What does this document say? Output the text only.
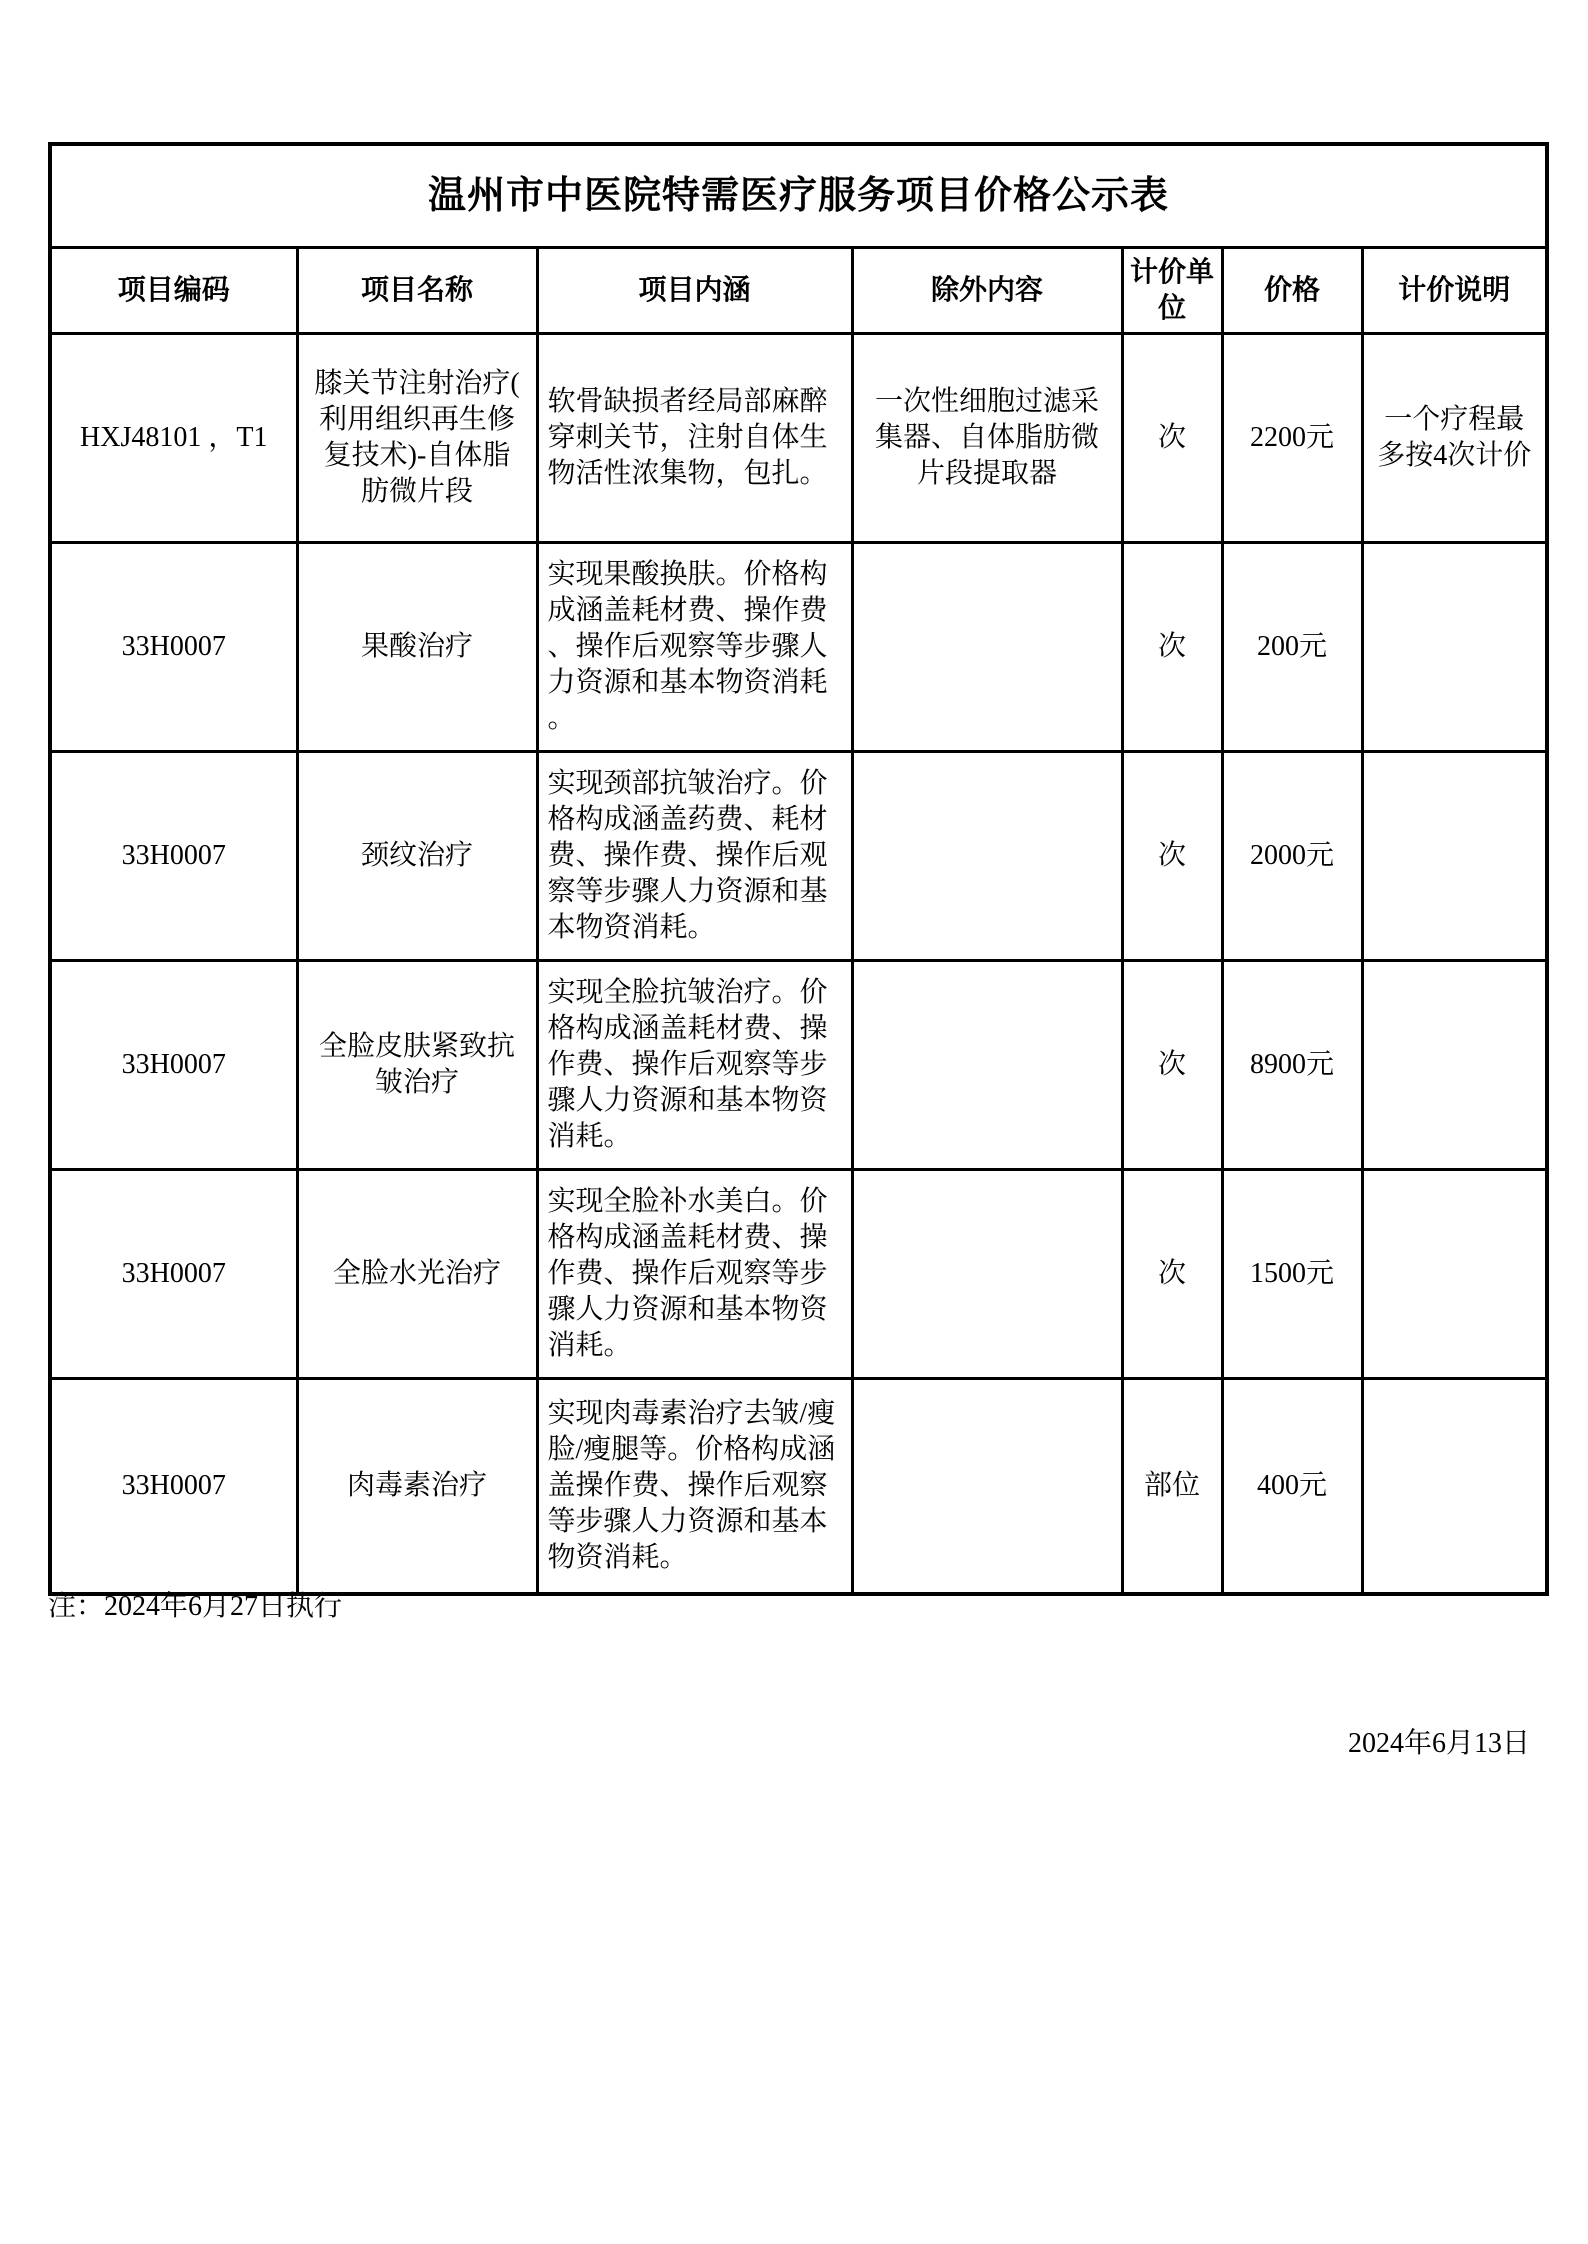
温州市中医院特需医疗服务项目价格公示表						
项目编码	项目名称	项目内涵	除外内容	计价单位	价格	计价说明
HXJ48101 ，T1	膝关节注射治疗(利用组织再生修复技术)-自体脂肪微片段	软骨缺损者经局部麻醉穿刺关节，注射自体生物活性浓集物，包扎。	一次性细胞过滤采集器、自体脂肪微片段提取器	次	2200元	一个疗程最多按4次计价
33H0007	果酸治疗	实现果酸换肤。价格构成涵盖耗材费、操作费、操作后观察等步骤人力资源和基本物资消耗。		次	200元	
33H0007	颈纹治疗	实现颈部抗皱治疗。价格构成涵盖药费、耗材费、操作费、操作后观察等步骤人力资源和基本物资消耗。		次	2000元	
33H0007	全脸皮肤紧致抗皱治疗	实现全脸抗皱治疗。价格构成涵盖耗材费、操作费、操作后观察等步骤人力资源和基本物资消耗。		次	8900元	
33H0007	全脸水光治疗	实现全脸补水美白。价格构成涵盖耗材费、操作费、操作后观察等步骤人力资源和基本物资消耗。		次	1500元	
33H0007	肉毒素治疗	实现肉毒素治疗去皱/瘦脸/瘦腿等。价格构成涵盖操作费、操作后观察等步骤人力资源和基本物资消耗。		部位	400元	
注：2024年6月27日执行
2024年6月13日
